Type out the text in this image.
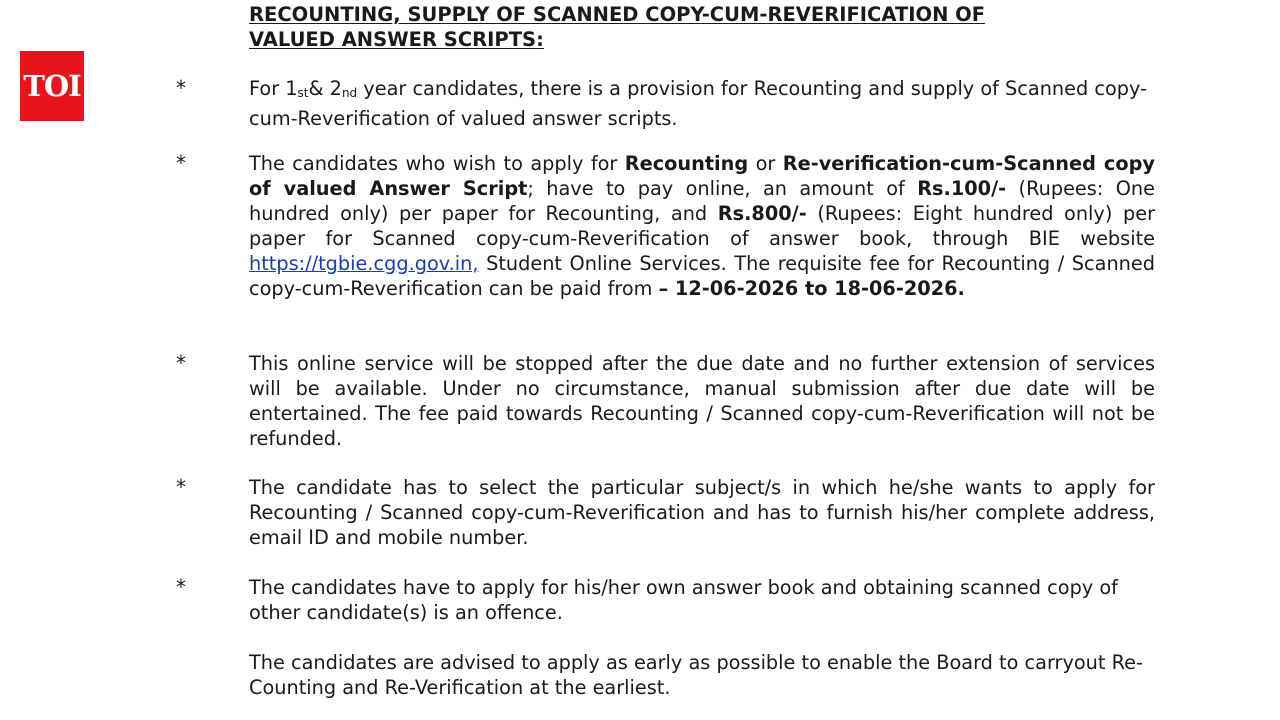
TOI
RECOUNTING, SUPPLY OF SCANNED COPY-CUM-REVERIFICATION OF
VALUED ANSWER SCRIPTS:
*	For $1_{st}\&$ $2_{nd}$ year candidates, there is a provision for Recounting and supply of Scanned copy-cum-Reverification of valued answer scripts.

*	The candidates who wish to apply for Recounting or Re-verification-cum-Scanned copy of valued Answer Script; have to pay online, an amount of Rs.100/- (Rupees: One hundred only) per paper for Recounting, and Rs.800/- (Rupees: Eight hundred only) per paper for Scanned copy-cum-Reverification of answer book, through BIE website https://tgbie.cgg.gov.in, Student Online Services. The requisite fee for Recounting / Scanned copy-cum-Reverification can be paid from – 12-06-2026 to 18-06-2026.

*	This online service will be stopped after the due date and no further extension of services will be available. Under no circumstance, manual submission after due date will be entertained. The fee paid towards Recounting / Scanned copy-cum-Reverification will not be refunded.

*	The candidate has to select the particular subject/s in which he/she wants to apply for Recounting / Scanned copy-cum-Reverification and has to furnish his/her complete address, email ID and mobile number.

*	The candidates have to apply for his/her own answer book and obtaining scanned copy of other candidate(s) is an offence.

The candidates are advised to apply as early as possible to enable the Board to carryout Re-Counting and Re-Verification at the earliest.
